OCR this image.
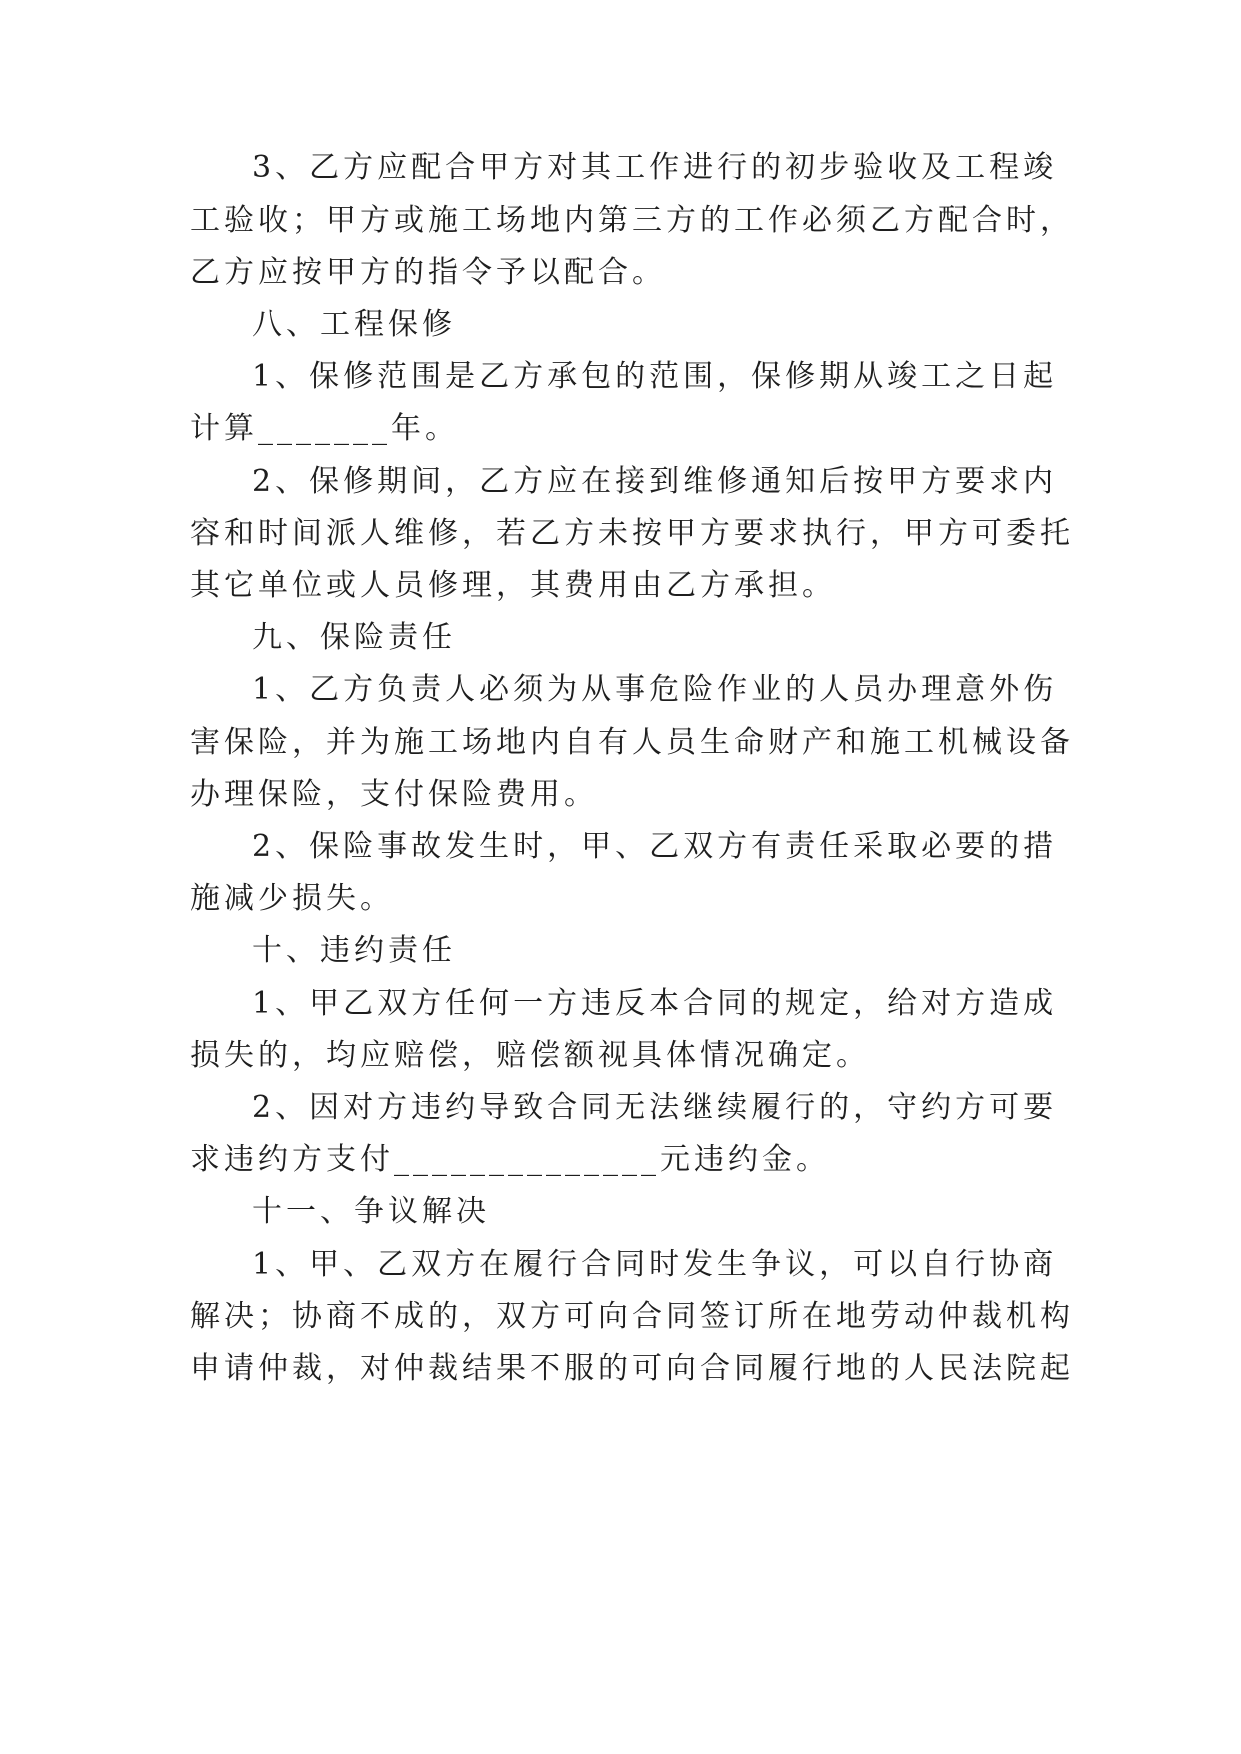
3、乙方应配合甲方对其工作进行的初步验收及工程竣
工验收；甲方或施工场地内第三方的工作必须乙方配合时，
乙方应按甲方的指令予以配合。
八、工程保修
1、保修范围是乙方承包的范围，保修期从竣工之日起
计算_______年。
2、保修期间，乙方应在接到维修通知后按甲方要求内
容和时间派人维修，若乙方未按甲方要求执行，甲方可委托
其它单位或人员修理，其费用由乙方承担。
九、保险责任
1、乙方负责人必须为从事危险作业的人员办理意外伤
害保险，并为施工场地内自有人员生命财产和施工机械设备
办理保险，支付保险费用。
2、保险事故发生时，甲、乙双方有责任采取必要的措
施减少损失。
十、违约责任
1、甲乙双方任何一方违反本合同的规定，给对方造成
损失的，均应赔偿，赔偿额视具体情况确定。
2、因对方违约导致合同无法继续履行的，守约方可要
求违约方支付______________元违约金。
十一、争议解决
1、甲、乙双方在履行合同时发生争议，可以自行协商
解决；协商不成的，双方可向合同签订所在地劳动仲裁机构
申请仲裁，对仲裁结果不服的可向合同履行地的人民法院起
